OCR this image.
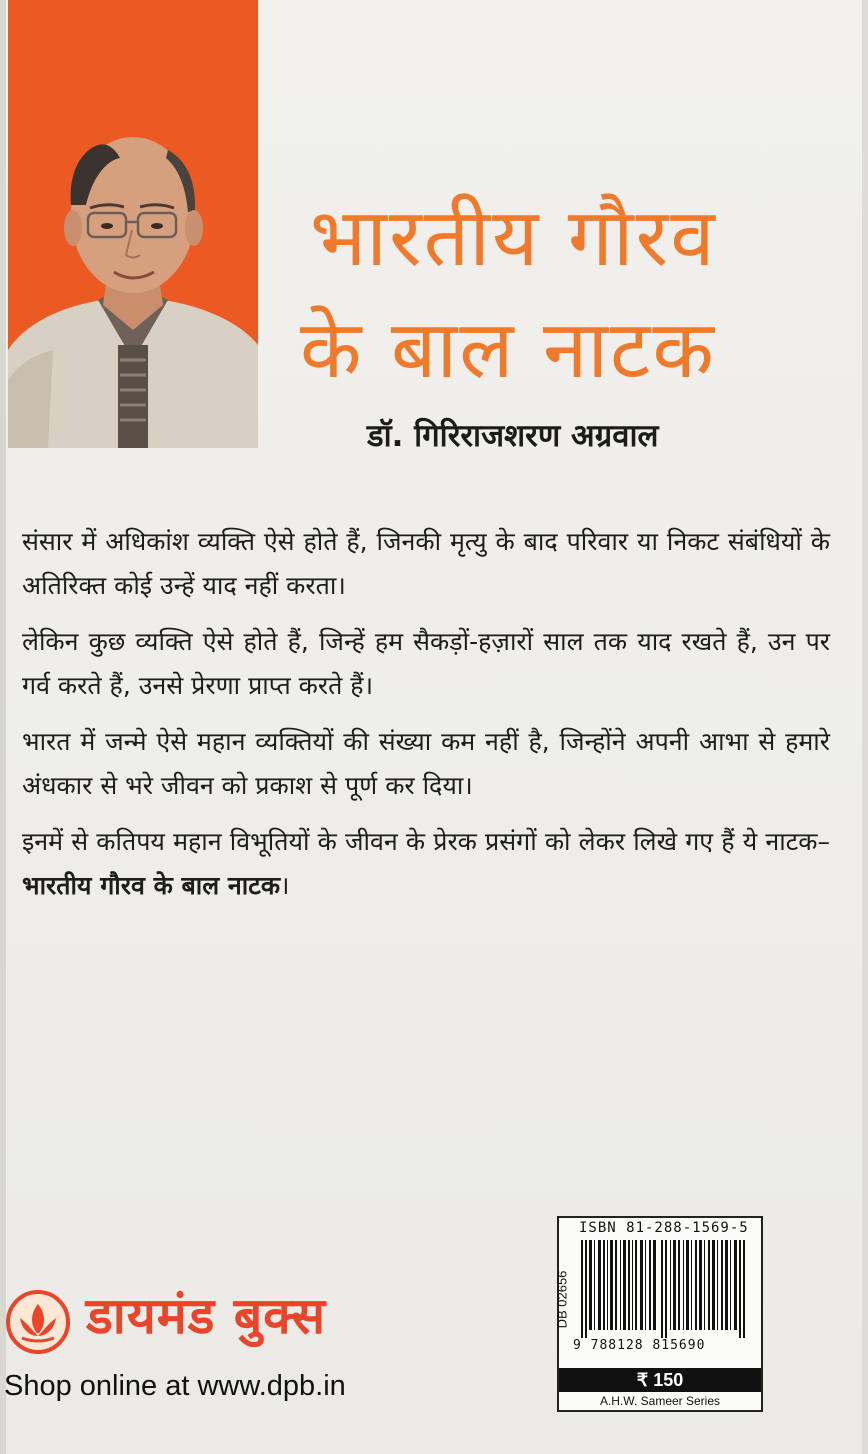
भारतीय गौरव
के बाल नाटक
डॉ. गिरिराजशरण अग्रवाल

संसार में अधिकांश व्यक्ति ऐसे होते हैं, जिनकी मृत्यु के बाद परिवार या निकट संबंधियों के अतिरिक्त कोई उन्हें याद नहीं करता।

लेकिन कुछ व्यक्ति ऐसे होते हैं, जिन्हें हम सैकड़ों-हज़ारों साल तक याद रखते हैं, उन पर गर्व करते हैं, उनसे प्रेरणा प्राप्त करते हैं।

भारत में जन्मे ऐसे महान व्यक्तियों की संख्या कम नहीं है, जिन्होंने अपनी आभा से हमारे अंधकार से भरे जीवन को प्रकाश से पूर्ण कर दिया।

इनमें से कतिपय महान विभूतियों के जीवन के प्रेरक प्रसंगों को लेकर लिखे गए हैं ये नाटक–भारतीय गौरव के बाल नाटक।

डायमंड बुक्स
Shop online at www.dpb.in
ISBN 81-288-1569-5
DB 02656
9 788128 815690
₹ 150
A.H.W. Sameer Series
